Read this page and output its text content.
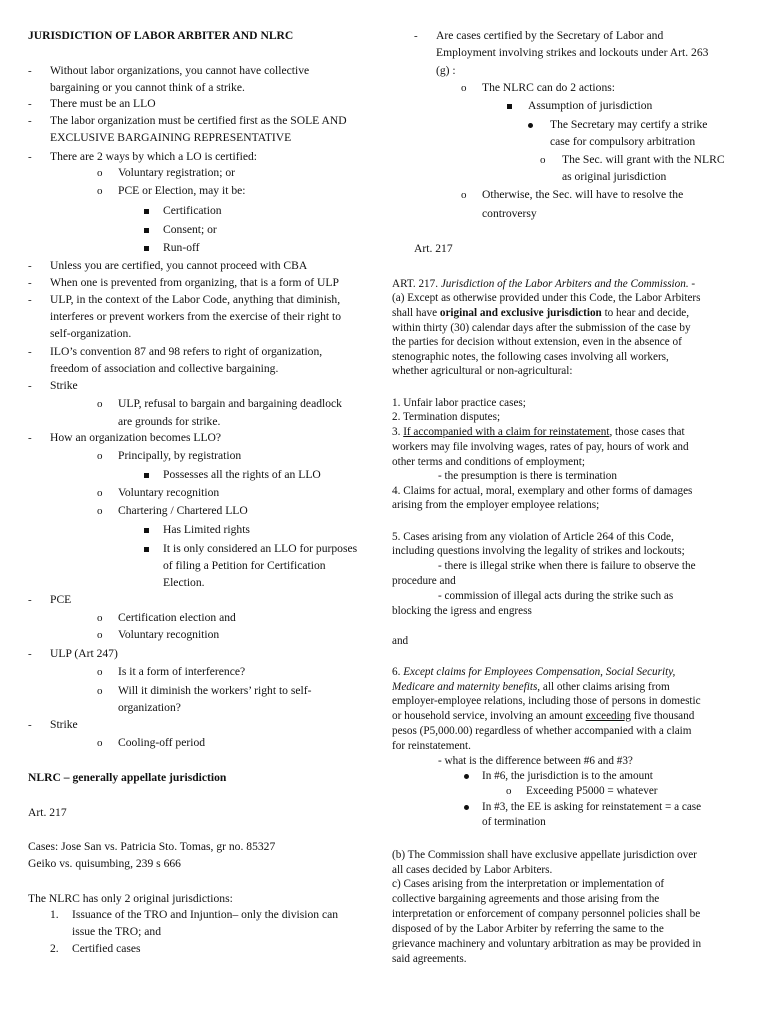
JURISDICTION OF LABOR ARBITER AND NLRC
- Without labor organizations, you cannot have collective
bargaining or you cannot think of a strike.
- There must be an LLO
- The labor organization must be certified first as the SOLE AND
EXCLUSIVE BARGAINING REPRESENTATIVE
- There are 2 ways by which a LO is certified:
o Voluntary registration; or
o PCE or Election, may it be:
Certification
Consent; or
Run-off
- Unless you are certified, you cannot proceed with CBA
- When one is prevented from organizing, that is a form of ULP
- ULP, in the context of the Labor Code, anything that diminish,
interferes or prevent workers from the exercise of their right to
self-organization.
- ILO’s convention 87 and 98 refers to right of organization,
freedom of association and collective bargaining.
- Strike
o ULP, refusal to bargain and bargaining deadlock
are grounds for strike.
- How an organization becomes LLO?
o Principally, by registration
Possesses all the rights of an LLO
o Voluntary recognition
o Chartering / Chartered LLO
Has Limited rights
It is only considered an LLO for purposes
of filing a Petition for Certification
Election.
- PCE
o Certification election and
o Voluntary recognition
- ULP (Art 247)
o Is it a form of interference?
o Will it diminish the workers’ right to self-
organization?
- Strike
o Cooling-off period
NLRC – generally appellate jurisdiction
Art. 217
Cases: Jose San vs. Patricia Sto. Tomas, gr no. 85327
Geiko vs. quisumbing, 239 s 666
The NLRC has only 2 original jurisdictions:
1. Issuance of the TRO and Injuntion– only the division can
issue the TRO; and
2. Certified cases
- Are cases certified by the Secretary of Labor and
Employment involving strikes and lockouts under Art. 263
(g) :
o The NLRC can do 2 actions:
Assumption of jurisdiction
The Secretary may certify a strike
case for compulsory arbitration
o The Sec. will grant with the NLRC
as original jurisdiction
o Otherwise, the Sec. will have to resolve the
controversy
Art. 217
ART. 217. Jurisdiction of the Labor Arbiters and the Commission. -
(a) Except as otherwise provided under this Code, the Labor Arbiters
shall have original and exclusive jurisdiction to hear and decide,
within thirty (30) calendar days after the submission of the case by
the parties for decision without extension, even in the absence of
stenographic notes, the following cases involving all workers,
whether agricultural or non-agricultural:
1. Unfair labor practice cases;
2. Termination disputes;
3. If accompanied with a claim for reinstatement, those cases that
workers may file involving wages, rates of pay, hours of work and
other terms and conditions of employment;
- the presumption is there is termination
4. Claims for actual, moral, exemplary and other forms of damages
arising from the employer employee relations;
5. Cases arising from any violation of Article 264 of this Code,
including questions involving the legality of strikes and lockouts;
- there is illegal strike when there is failure to observe the
procedure and
- commission of illegal acts during the strike such as
blocking the igress and engress
and
6. Except claims for Employees Compensation, Social Security,
Medicare and maternity benefits, all other claims arising from
employer-employee relations, including those of persons in domestic
or household service, involving an amount exceeding five thousand
pesos (P5,000.00) regardless of whether accompanied with a claim
for reinstatement.
- what is the difference between #6 and #3?
In #6, the jurisdiction is to the amount
o Exceeding P5000 = whatever
In #3, the EE is asking for reinstatement = a case
of termination
(b) The Commission shall have exclusive appellate jurisdiction over
all cases decided by Labor Arbiters.
c) Cases arising from the interpretation or implementation of
collective bargaining agreements and those arising from the
interpretation or enforcement of company personnel policies shall be
disposed of by the Labor Arbiter by referring the same to the
grievance machinery and voluntary arbitration as may be provided in
said agreements.
